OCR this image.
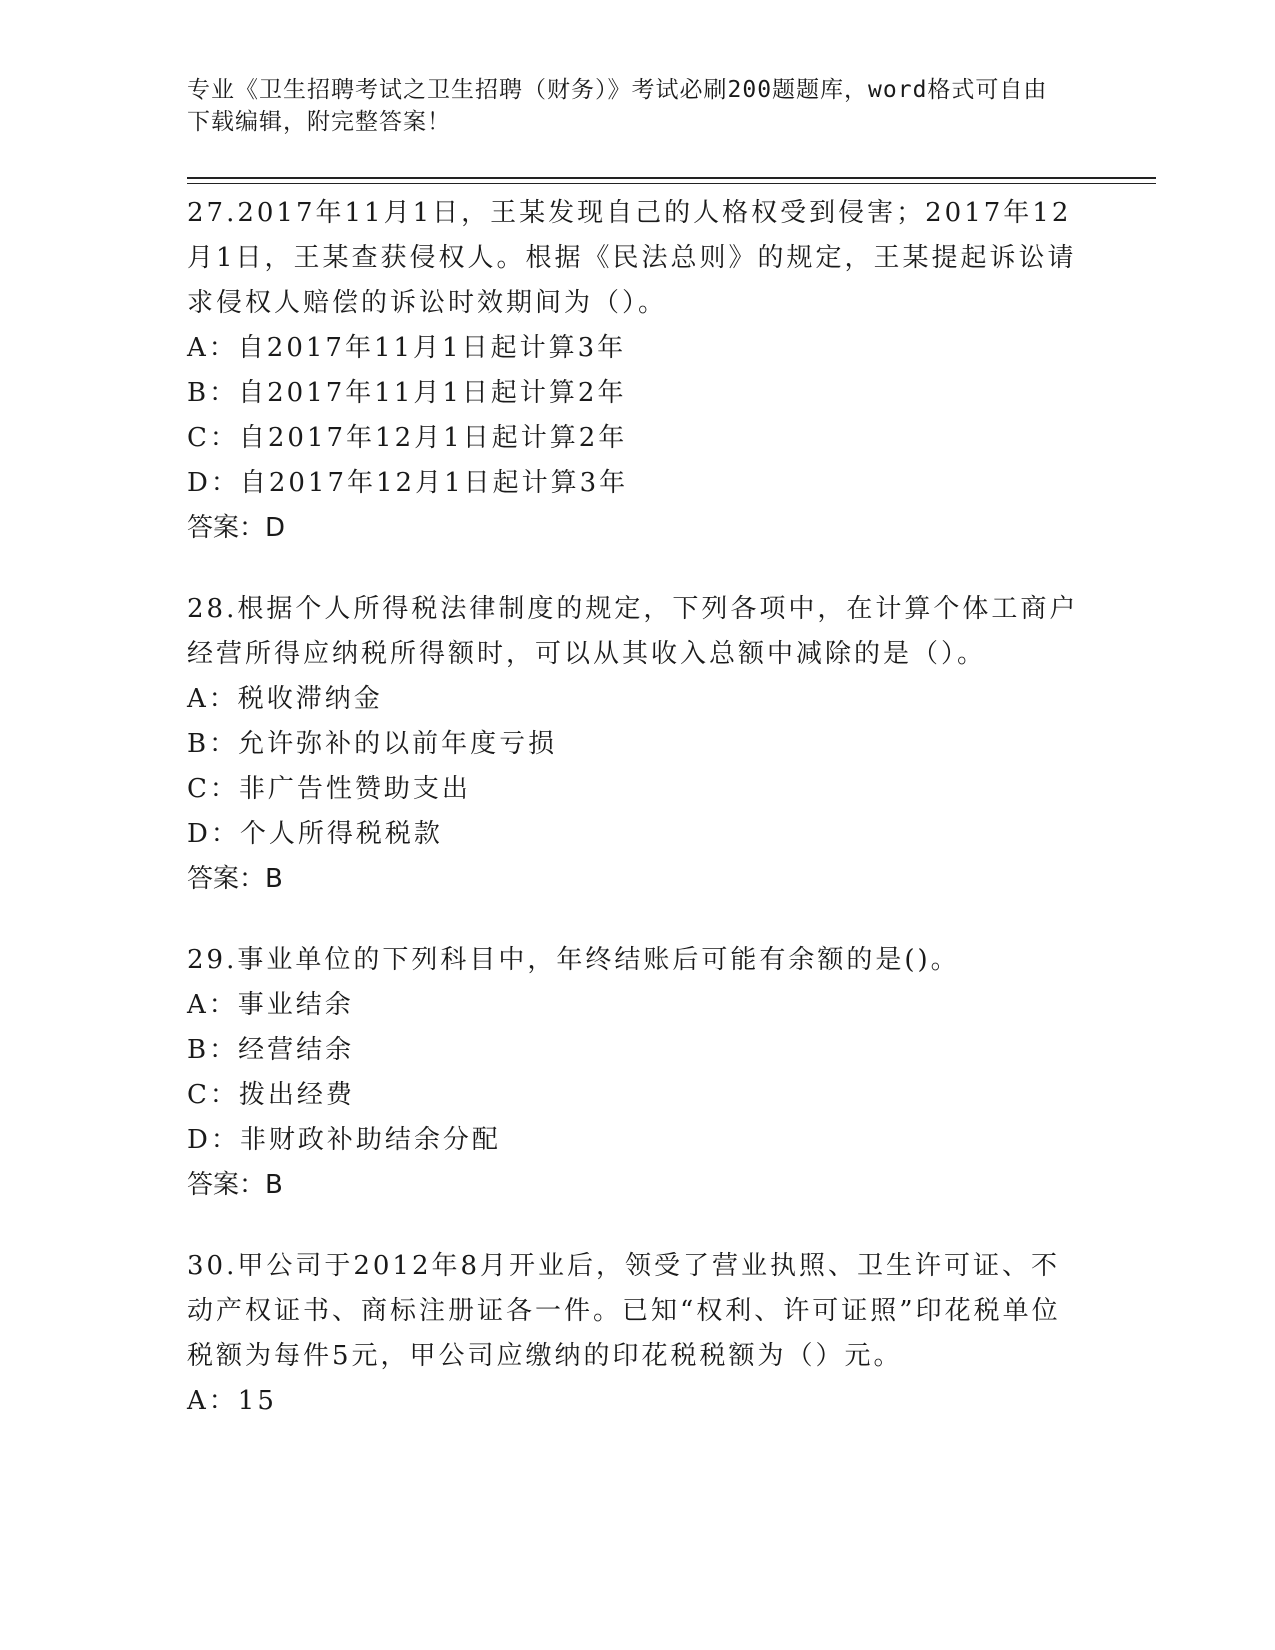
专业《卫生招聘考试之卫生招聘（财务）》考试必刷200题题库，word格式可自由下载编辑，附完整答案！

27.2017年11月1日，王某发现自己的人格权受到侵害；2017年12月1日，王某查获侵权人。根据《民法总则》的规定，王某提起诉讼请求侵权人赔偿的诉讼时效期间为（）。

A：自2017年11月1日起计算3年

B：自2017年11月1日起计算2年

C：自2017年12月1日起计算2年

D：自2017年12月1日起计算3年

答案：D

28.根据个人所得税法律制度的规定，下列各项中，在计算个体工商户经营所得应纳税所得额时，可以从其收入总额中减除的是（）。

A：税收滞纳金

B：允许弥补的以前年度亏损

C：非广告性赞助支出

D：个人所得税税款

答案：B

29.事业单位的下列科目中，年终结账后可能有余额的是()。

A：事业结余

B：经营结余

C：拨出经费

D：非财政补助结余分配

答案：B

30.甲公司于2012年8月开业后，领受了营业执照、卫生许可证、不动产权证书、商标注册证各一件。已知“权利、许可证照”印花税单位税额为每件5元，甲公司应缴纳的印花税税额为（）元。

A：15
